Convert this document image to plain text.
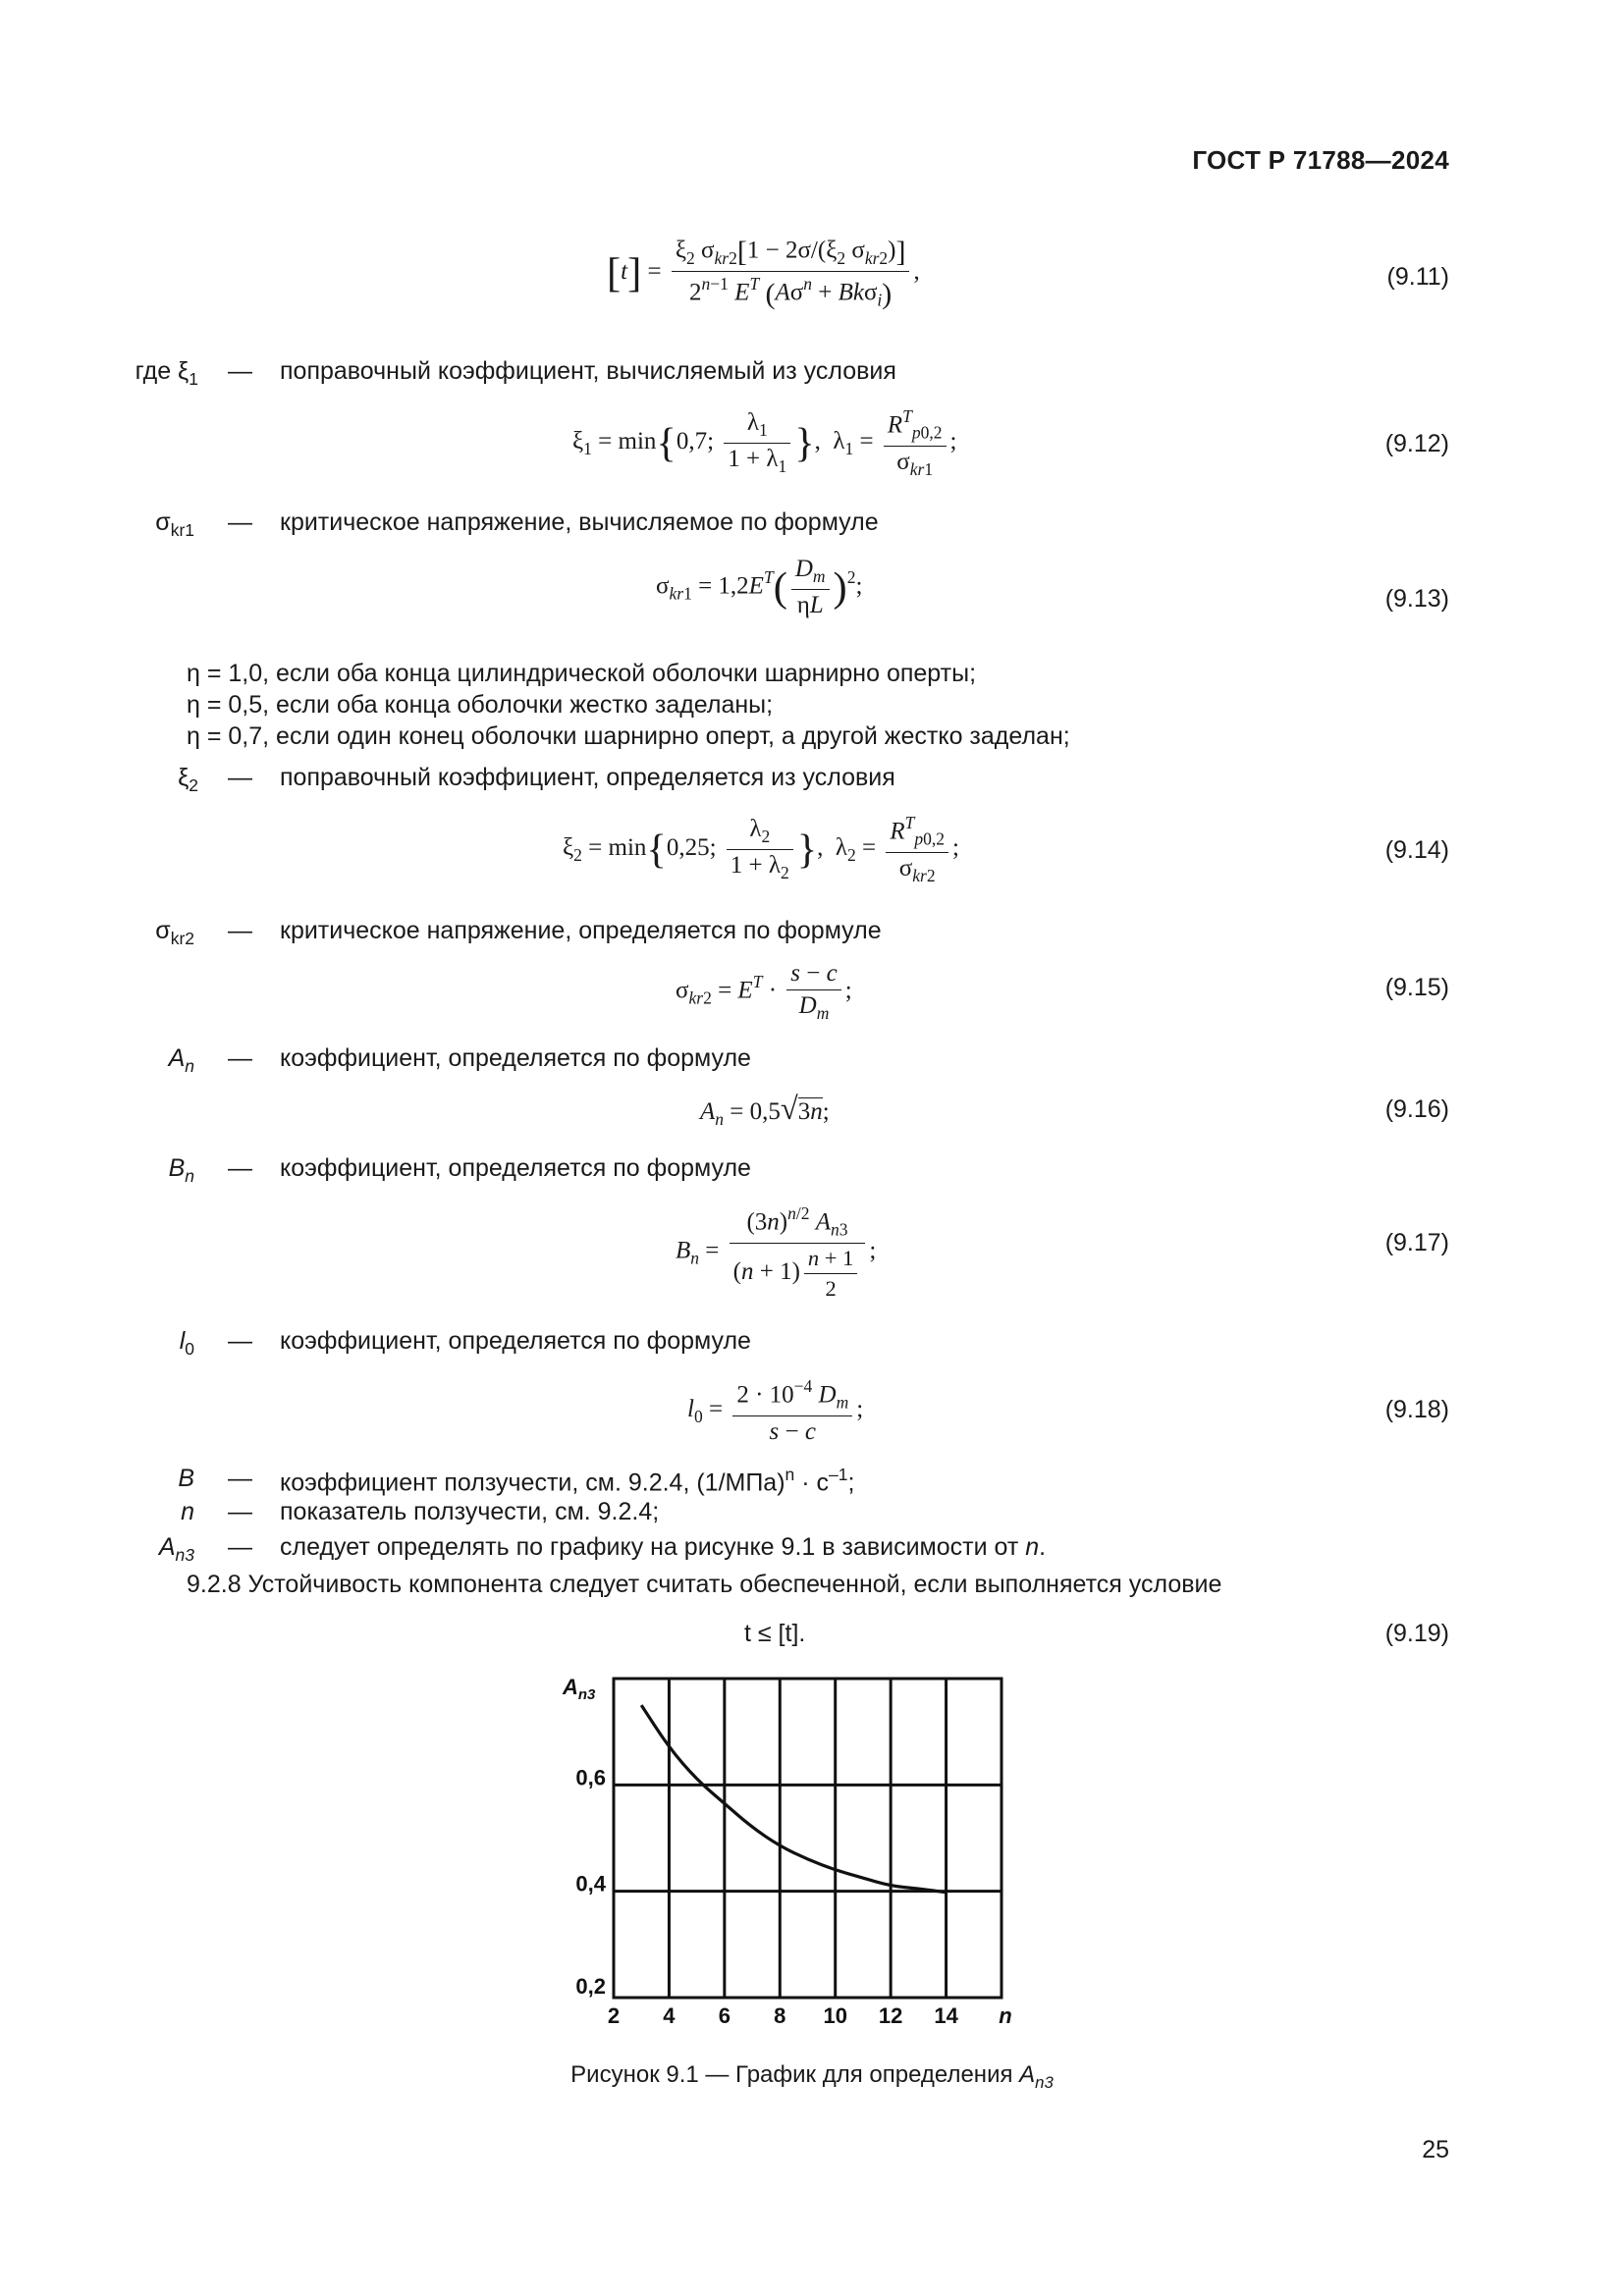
ГОСТ Р 71788—2024
$[t] = \frac{\xi_2 \sigma_{kr2}[1 - 2\sigma/(\xi_2 \sigma_{kr2})]}{2^{n-1} E^T (A\sigma^n + Bk\sigma_i)}$ ,	(9.11)
где $\xi_1$ — поправочный коэффициент, вычисляемый из условия
$\xi_1 = \min\{0,7$; $\frac{\lambda_1}{1 + \lambda_1}$ },  $\lambda_1 = \frac{R^T_{p0,2}}{\sigma_{kr1}}$ ;	(9.12)
$\sigma_{kr1}$ — критическое напряжение, вычисляемое по формуле
$\sigma_{kr1} = 1,2E^T( \frac{D_m}{\eta L} )^2$;	(9.13)
η = 1,0, если оба конца цилиндрической оболочки шарнирно оперты;
η = 0,5, если оба конца оболочки жестко заделаны;
η = 0,7, если один конец оболочки шарнирно оперт, а другой жестко заделан;
$\xi_2$ — поправочный коэффициент, определяется из условия
$\xi_2 = \min\{0,25$; $\frac{\lambda_2}{1 + \lambda_2}$ },  $\lambda_2 = \frac{R^T_{p0,2}}{\sigma_{kr2}}$ ;	(9.14)
$\sigma_{kr2}$ — критическое напряжение, определяется по формуле
$\sigma_{kr2} = E^T \cdot \frac{s - c}{D_m}$ ;	(9.15)
$A_n$ — коэффициент, определяется по формуле
$A_n = 0,5√3n$;	(9.16)
$B_n$ — коэффициент, определяется по формуле
$B_n = \frac{(3n)^{n/2} A_{n3}}{(n + 1) \frac{n + 1}{2}}$ ;	(9.17)
$l_0$ — коэффициент, определяется по формуле
$l_0 = \frac{2 \cdot 10^{-4} D_m}{s - c}$ ;	(9.18)
B — коэффициент ползучести, см. 9.2.4, $(1/МПа)^n \cdot с^{-1}$;
n — показатель ползучести, см. 9.2.4;
$A_{n3}$ — следует определять по графику на рисунке 9.1 в зависимости от n.
9.2.8 Устойчивость компонента следует считать обеспеченной, если выполняется условие
t ≤ [t].	(9.19)
2 4 6 8 10 12 14 n
0,2
0,4
0,6
$A_{n3}$
Рисунок 9.1 — График для определения $A_{n3}$
25
